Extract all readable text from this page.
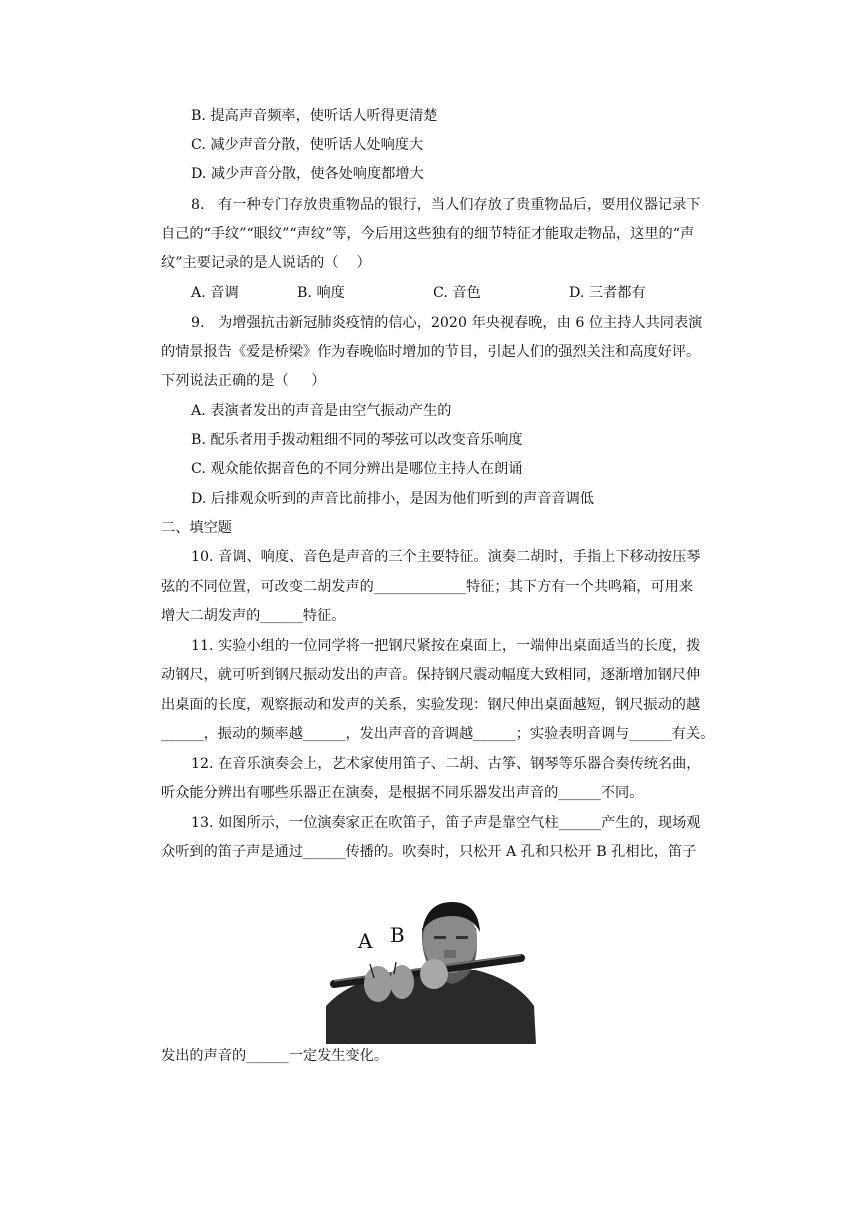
B. 提高声音频率，使听话人听得更清楚
C. 减少声音分散，使听话人处响度大
D. 减少声音分散，使各处响度都增大
8.   有一种专门存放贵重物品的银行，当人们存放了贵重物品后，要用仪器记录下
自己的“手纹”“眼纹”“声纹”等，今后用这些独有的细节特征才能取走物品，这里的“声
纹”主要记录的是人说话的（    ）
A. 音调	B. 响度	C. 音色	D. 三者都有
9.   为增强抗击新冠肺炎疫情的信心，2020 年央视春晚，由 6 位主持人共同表演
的情景报告《爱是桥梁》作为春晚临时增加的节目，引起人们的强烈关注和高度好评。
下列说法正确的是（     ）
A. 表演者发出的声音是由空气振动产生的
B. 配乐者用手拨动粗细不同的琴弦可以改变音乐响度
C. 观众能依据音色的不同分辨出是哪位主持人在朗诵
D. 后排观众听到的声音比前排小，是因为他们听到的声音音调低
二、填空题
10. 音调、响度、音色是声音的三个主要特征。演奏二胡时，手指上下移动按压琴
弦的不同位置，可改变二胡发声的_____________特征；其下方有一个共鸣箱，可用来
增大二胡发声的______特征。
11. 实验小组的一位同学将一把钢尺紧按在桌面上，一端伸出桌面适当的长度，拨
动钢尺，就可听到钢尺振动发出的声音。保持钢尺震动幅度大致相同，逐渐增加钢尺伸
出桌面的长度，观察振动和发声的关系，实验发现：钢尺伸出桌面越短，钢尺振动的越
______，振动的频率越______，发出声音的音调越______；实验表明音调与______有关。
12. 在音乐演奏会上，艺术家使用笛子、二胡、古筝、钢琴等乐器合奏传统名曲，
听众能分辨出有哪些乐器正在演奏，是根据不同乐器发出声音的______不同。
13. 如图所示，一位演奏家正在吹笛子，笛子声是靠空气柱______产生的，现场观
众听到的笛子声是通过______传播的。吹奏时，只松开 A 孔和只松开 B 孔相比，笛子
A B
发出的声音的______一定发生变化。
